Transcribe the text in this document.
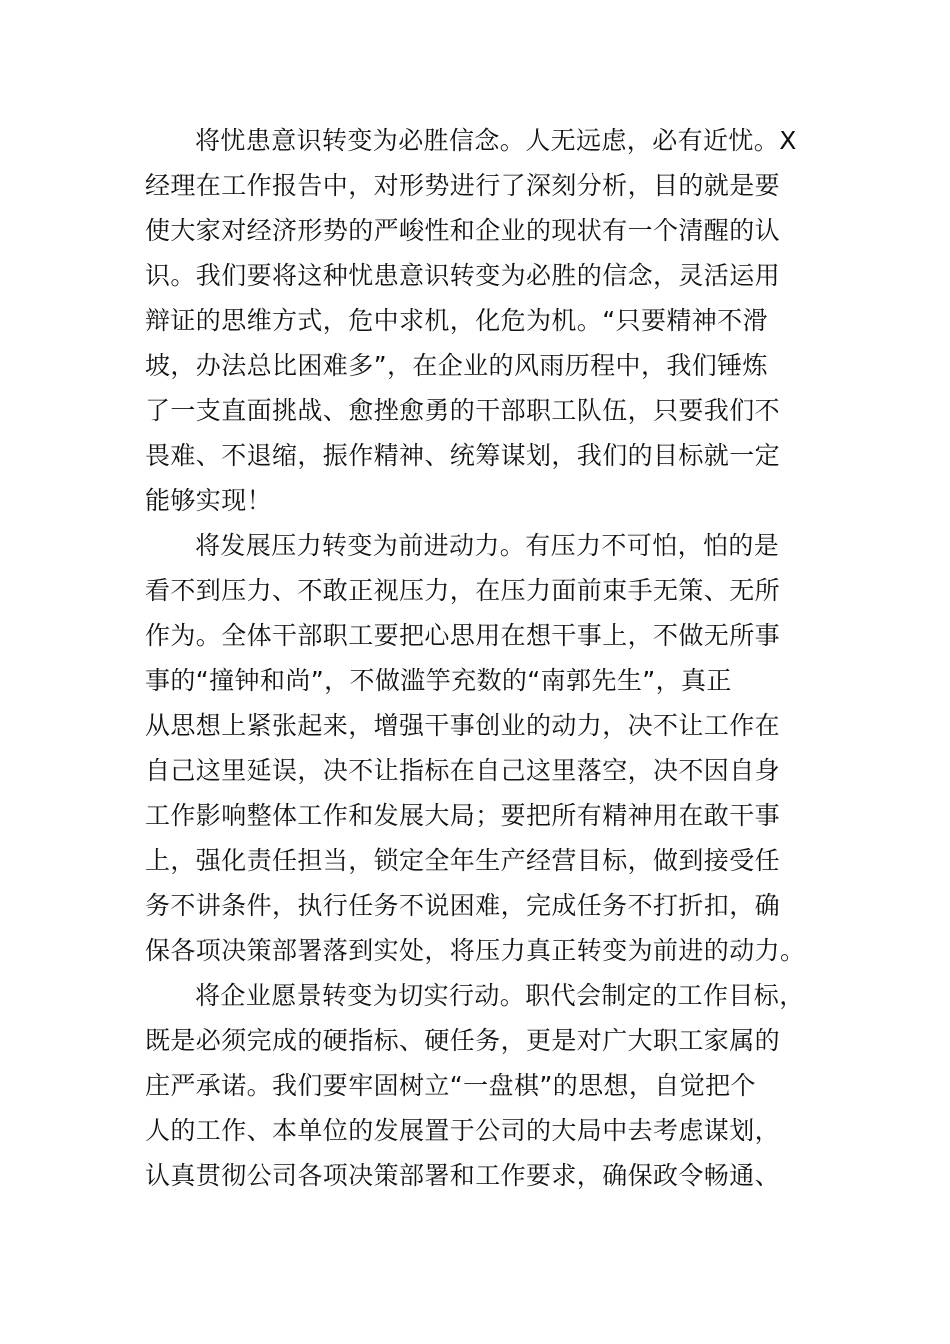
将忧患意识转变为必胜信念。人无远虑，必有近忧。X
经理在工作报告中，对形势进行了深刻分析，目的就是要
使大家对经济形势的严峻性和企业的现状有一个清醒的认
识。我们要将这种忧患意识转变为必胜的信念，灵活运用
辩证的思维方式，危中求机，化危为机。“只要精神不滑
坡，办法总比困难多”，在企业的风雨历程中，我们锤炼
了一支直面挑战、愈挫愈勇的干部职工队伍，只要我们不
畏难、不退缩，振作精神、统筹谋划，我们的目标就一定
能够实现！
将发展压力转变为前进动力。有压力不可怕，怕的是
看不到压力、不敢正视压力，在压力面前束手无策、无所
作为。全体干部职工要把心思用在想干事上，不做无所事
事的“撞钟和尚”，不做滥竽充数的“南郭先生”，真正
从思想上紧张起来，增强干事创业的动力，决不让工作在
自己这里延误，决不让指标在自己这里落空，决不因自身
工作影响整体工作和发展大局；要把所有精神用在敢干事
上，强化责任担当，锁定全年生产经营目标，做到接受任
务不讲条件，执行任务不说困难，完成任务不打折扣，确
保各项决策部署落到实处，将压力真正转变为前进的动力。
将企业愿景转变为切实行动。职代会制定的工作目标，
既是必须完成的硬指标、硬任务，更是对广大职工家属的
庄严承诺。我们要牢固树立“一盘棋”的思想，自觉把个
人的工作、本单位的发展置于公司的大局中去考虑谋划，
认真贯彻公司各项决策部署和工作要求，确保政令畅通、
